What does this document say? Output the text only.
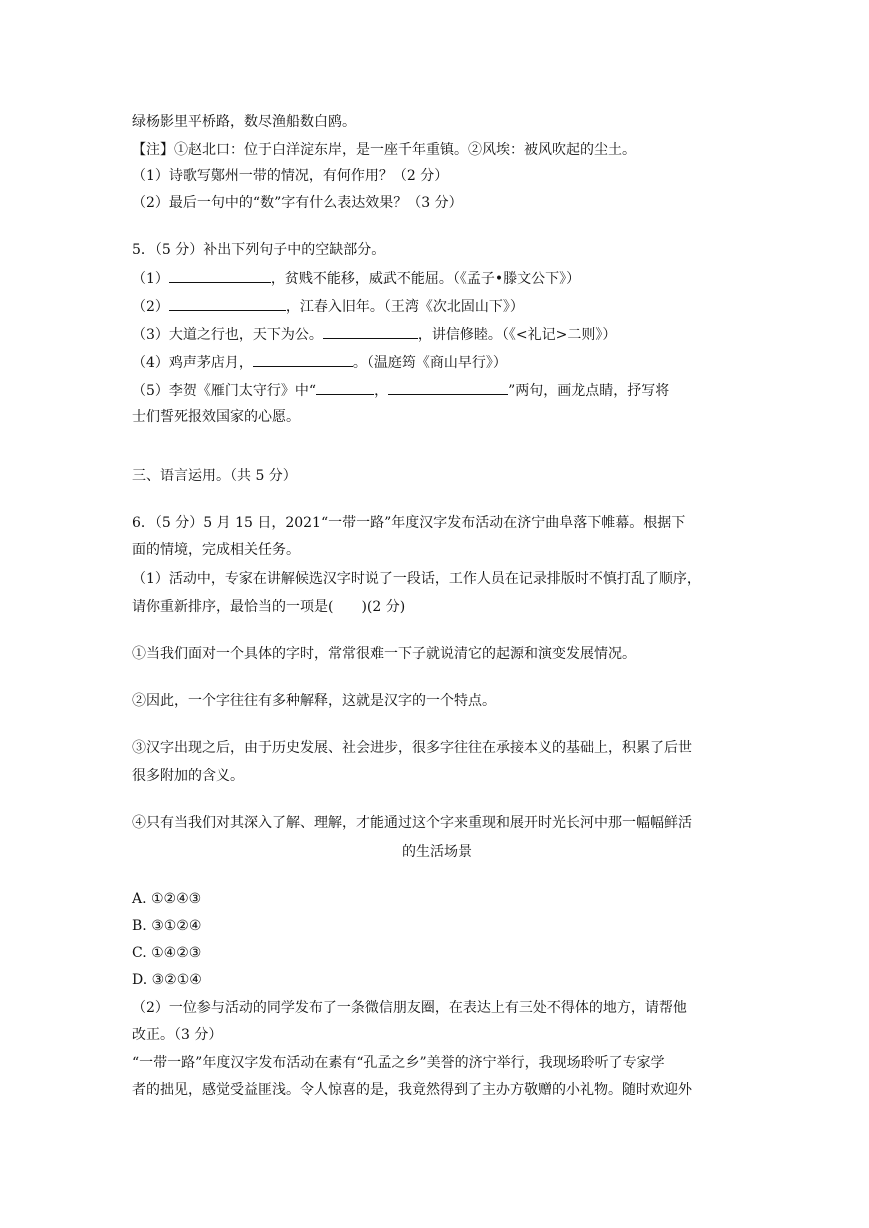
绿杨影里平桥路，数尽渔船数白鸥。
【注】①赵北口：位于白洋淀东岸，是一座千年重镇。②风埃：被风吹起的尘土。
（1）诗歌写鄚州一带的情况，有何作用？（2 分）
（2）最后一句中的“数”字有什么表达效果？（3 分）
5．（5 分）补出下列句子中的空缺部分。
（1）	，贫贱不能移，威武不能屈。（《孟子•滕文公下》）
（2）	，江春入旧年。（王湾《次北固山下》）
（3）大道之行也，天下为公。	，讲信修睦。（《<礼记>二则》）
（4）鸡声茅店月，	。（温庭筠《商山早行》）
（5）李贺《雁门太守行》中“	，	”两句，画龙点睛，抒写将
士们誓死报效国家的心愿。
三、语言运用。（共 5 分）
6．（5 分）5 月 15 日，2021“一带一路”年度汉字发布活动在济宁曲阜落下帷幕。根据下
面的情境，完成相关任务。
（1）活动中，专家在讲解候选汉字时说了一段话，工作人员在记录排版时不慎打乱了顺序，
请你重新排序，最恰当的一项是(　　)(2 分)
①当我们面对一个具体的字时，常常很难一下子就说清它的起源和演变发展情况。
②因此，一个字往往有多种解释，这就是汉字的一个特点。
③汉字出现之后，由于历史发展、社会进步，很多字往往在承接本义的基础上，积累了后世
很多附加的含义。
④只有当我们对其深入了解、理解，才能通过这个字来重现和展开时光长河中那一幅幅鲜活
的生活场景
A. ①②④③
B. ③①②④
C. ①④②③
D. ③②①④
（2）一位参与活动的同学发布了一条微信朋友圈，在表达上有三处不得体的地方，请帮他
改正。（3 分）
“一带一路”年度汉字发布活动在素有“孔孟之乡”美誉的济宁举行，我现场聆听了专家学
者的拙见，感觉受益匪浅。令人惊喜的是，我竟然得到了主办方敬赠的小礼物。随时欢迎外
